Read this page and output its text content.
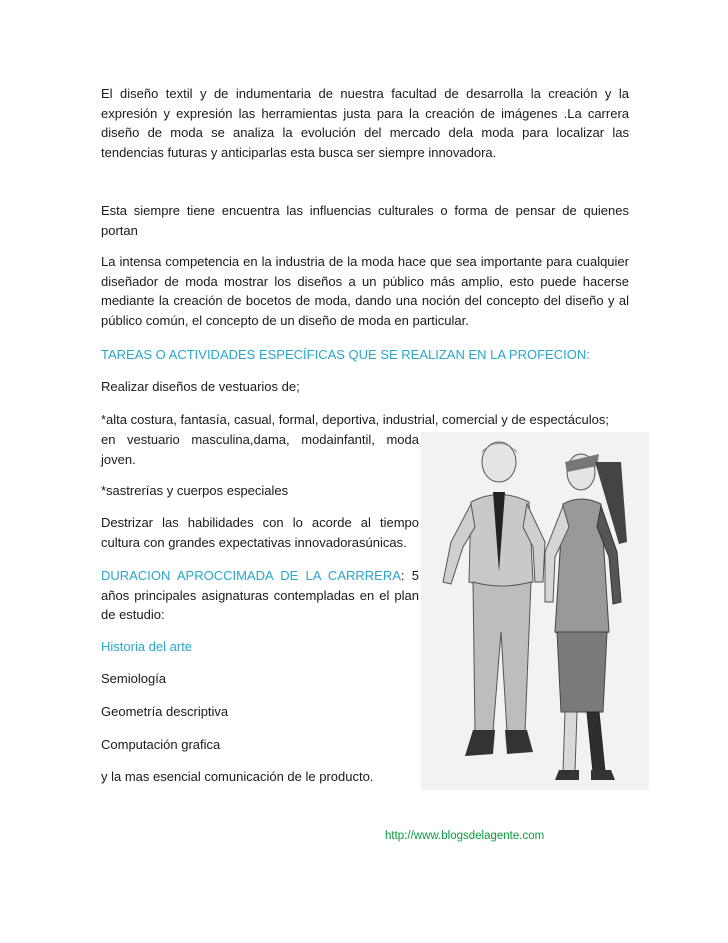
El diseño textil y de indumentaria de nuestra facultad de desarrolla la creación y la expresión y expresión las herramientas justa para la creación de imágenes .La carrera diseño de moda se analiza la evolución del mercado dela moda para localizar las tendencias futuras y anticiparlas esta busca ser siempre innovadora.

Esta siempre tiene encuentra las influencias culturales o forma de pensar de quienes portan

La intensa competencia en la industria de la moda hace que sea importante para cualquier diseñador de moda mostrar los diseños a un público más amplio, esto puede hacerse mediante la creación de bocetos de moda, dando una noción del concepto del diseño y al público común, el concepto de un diseño de moda en particular.

TAREAS O ACTIVIDADES ESPECÍFICAS QUE SE REALIZAN EN LA PROFECION:

Realizar diseños de vestuarios de;

*alta costura, fantasía, casual, formal, deportiva, industrial, comercial y de espectáculos;

en vestuario masculina,dama, modainfantil, moda joven.

*sastrerías y cuerpos especiales

Destrizar las habilidades con lo acorde al tiempo cultura con grandes expectativas innovadorasúnicas.

DURACION APROCCIMADA DE LA CARRRERA: 5 años principales asignaturas contempladas en el plan de estudio:

Historia del arte

Semiología

Geometría descriptiva

Computación grafica

y la mas esencial comunicación de le producto.

http://www.blogsdelagente.com
